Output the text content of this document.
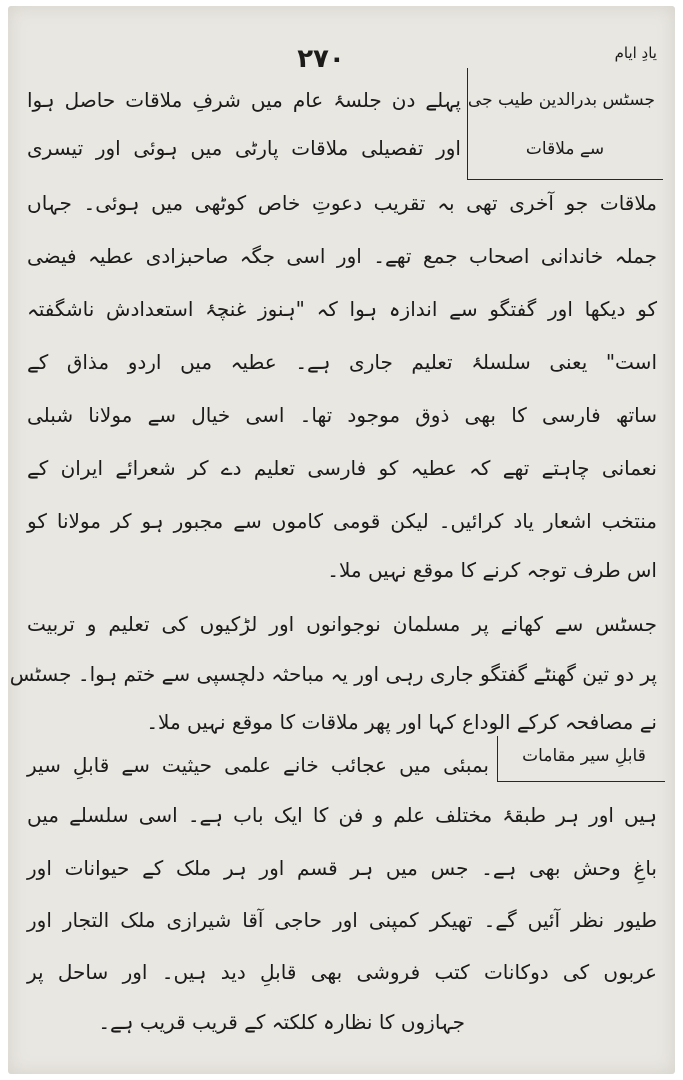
۲۷۰	یادِ ایام
جسٹس بدرالدین طیب جی
سے ملاقات
پہلے دن جلسۂ عام میں شرفِ ملاقات حاصل ہوا
اور تفصیلی ملاقات پارٹی میں ہوئی اور تیسری
ملاقات جو آخری تھی بہ تقریب دعوتِ خاص کوٹھی میں ہوئی۔ جہاں
جملہ خاندانی اصحاب جمع تھے۔ اور اسی جگہ صاحبزادی عطیہ فیضی
کو دیکھا اور گفتگو سے اندازہ ہوا کہ "ہنوز غنچۂ استعدادش ناشگفتہ
است" یعنی سلسلۂ تعلیم جاری ہے۔ عطیہ میں اردو مذاق کے
ساتھ فارسی کا بھی ذوق موجود تھا۔ اسی خیال سے مولانا شبلی
نعمانی چاہتے تھے کہ عطیہ کو فارسی تعلیم دے کر شعرائے ایران کے
منتخب اشعار یاد کرائیں۔ لیکن قومی کاموں سے مجبور ہو کر مولانا کو
اس طرف توجہ کرنے کا موقع نہیں ملا۔
جسٹس سے کھانے پر مسلمان نوجوانوں اور لڑکیوں کی تعلیم و تربیت
پر دو تین گھنٹے گفتگو جاری رہی اور یہ مباحثہ دلچسپی سے ختم ہوا۔ جسٹس
نے مصافحہ کرکے الوداع کہا اور پھر ملاقات کا موقع نہیں ملا۔
قابلِ سیر مقامات
بمبئی میں عجائب خانے علمی حیثیت سے قابلِ سیر
ہیں اور ہر طبقۂ مختلف علم و فن کا ایک باب ہے۔ اسی سلسلے میں
باغِ وحش بھی ہے۔ جس میں ہر قسم اور ہر ملک کے حیوانات اور
طیور نظر آئیں گے۔ تھیکر کمپنی اور حاجی آقا شیرازی ملک التجار اور
عربوں کی دوکانات کتب فروشی بھی قابلِ دید ہیں۔ اور ساحل پر
جہازوں کا نظارہ کلکتہ کے قریب قریب ہے۔
